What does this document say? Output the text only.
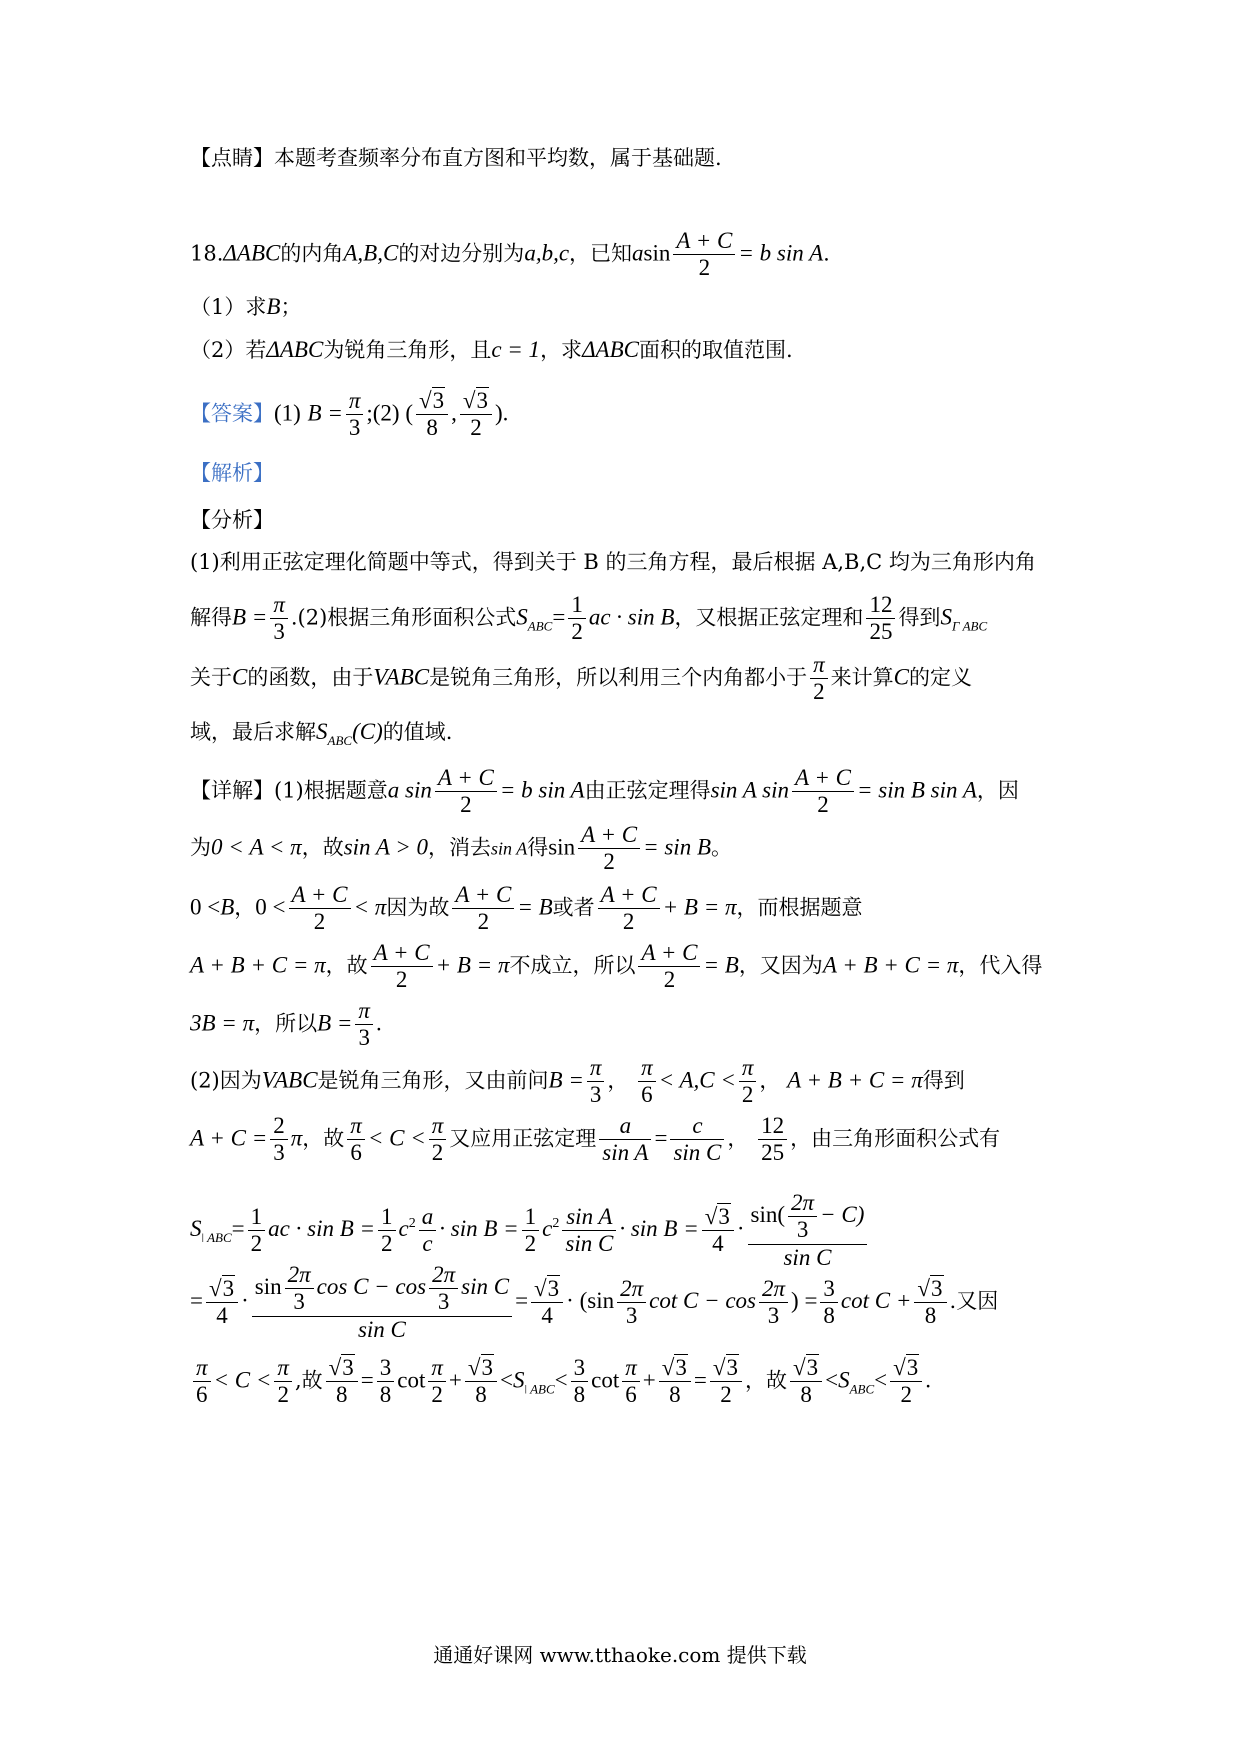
【点睛】本题考查频率分布直方图和平均数，属于基础题.
18.ΔABC的内角A,B,C的对边分别为a,b,c，已知asin $\frac{A + C}{2} = b$ sin A.
（1）求B；
（2）若ΔABC为锐角三角形，且c = 1，求ΔABC面积的取值范围.
【答案】(1) $B = \frac{\pi}{3}$ ;(2) ( $\frac{√3}{8}$ , $\frac{√3}{2}$ ).
【解析】
【分析】
(1)利用正弦定理化简题中等式，得到关于 B 的三角方程，最后根据 A,B,C 均为三角形内角
解得$B = \frac{\pi}{3} .(2)$根据三角形面积公式$S_{ABC}= \frac{1}{2}$ ac · sin B，又根据正弦定理和 $\frac{12}{25}$ 得到$S_{\Gamma ABC}$
关于C的函数，由于VABC是锐角三角形，所以利用三个内角都小于 $\frac{\pi}{2}$ 来计算C的定义
域，最后求解$S_{ABC}(C)$的值域.
【详解】(1)根据题意a $\sin \frac{A + C}{2} = b$ sin A由正弦定理得sin A $\sin \frac{A + C}{2} = \sin B$ sin A，因
为0 < A < π，故sin A > 0，消去sin A得$\sin \frac{A + C}{2} = \sin B$。
0 <B，$0 < \frac{A + C}{2} < \pi$因为故 $\frac{A + C}{2} = B$或者 $\frac{A + C}{2} + B = \pi$，而根据题意
A + B + C = π，故 $\frac{A + C}{2} + B = \pi$不成立，所以 $\frac{A + C}{2} = B$，又因为A + B + C = π，代入得
3B = π，所以$B = \frac{\pi}{3}$ .
(2)因为VABC是锐角三角形，又由前问$B = \frac{\pi}{3}$ ， $\frac{\pi}{6} < A,C < \frac{\pi}{2}$ ， A + B + C = π得到
$A + C = \frac{2}{3}$ π，故 $\frac{\pi}{6} < C < \frac{\pi}{2}$ 又应用正弦定理 $\frac{a}{\text{sin A}} = \frac{c}{\text{sin C}}$ ， $\frac{12}{25}$ ，由三角形面积公式有
$S_{ǀ ABC}= \frac{1}{2}$ ac · $\sin B = \frac{1}{2} c^2 \frac{a}{c} \cdot \sin B = \frac{1}{2} c^2 \frac{\text{sin A}}{\text{sin C}} \cdot \sin B = \frac{√3}{4} \cdot \frac{\sin( \frac{2\pi}{3} - C)}{\text{sin C}}$
= $\frac{√3}{4} \cdot \frac{\sin \frac{2\pi}{3} \cos C - \cos \frac{2\pi}{3} \sin C}{\text{sin C}} = \frac{√3}{4} \cdot (\sin \frac{2\pi}{3}$ $\cot C - \cos \frac{2\pi}{3}$ ) = $\frac{3}{8}$ $\cot C + \frac{√3}{8}$ .又因
$\frac{\pi}{6} < C < \frac{\pi}{2}$ ,故 $\frac{√3}{8} = \frac{3}{8}$ $\cot \frac{\pi}{2} + \frac{√3}{8} <S_{ǀ ABC}< \frac{3}{8}$ $\cot \frac{\pi}{6} + \frac{√3}{8} = \frac{√3}{2}$ ，故 $\frac{√3}{8} <S_{ABC}< \frac{√3}{2}$ .
通通好课网 www.tthaoke.com 提供下载
